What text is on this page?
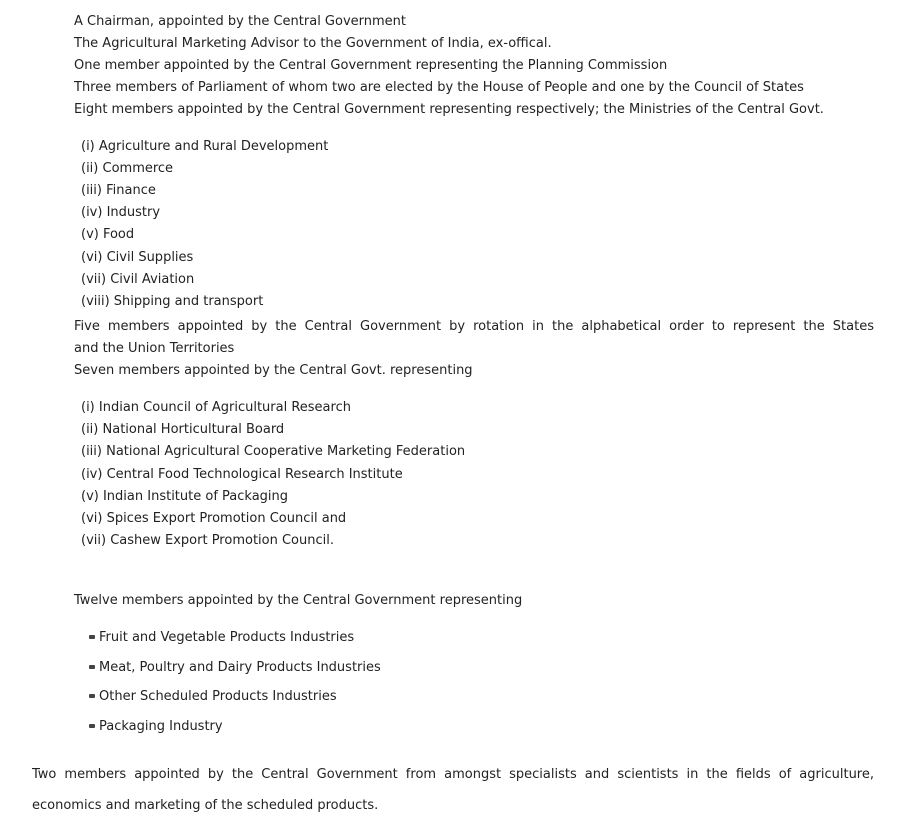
A Chairman, appointed by the Central Government
The Agricultural Marketing Advisor to the Government of India, ex-offical.
One member appointed by the Central Government representing the Planning Commission
Three members of Parliament of whom two are elected by the House of People and one by the Council of States
Eight members appointed by the Central Government representing respectively; the Ministries of the Central Govt.
(i) Agriculture and Rural Development
(ii) Commerce
(iii) Finance
(iv) Industry
(v) Food
(vi) Civil Supplies
(vii) Civil Aviation
(viii) Shipping and transport
Five members appointed by the Central Government by rotation in the alphabetical order to represent the States
and the Union Territories
Seven members appointed by the Central Govt. representing
(i) Indian Council of Agricultural Research
(ii) National Horticultural Board
(iii) National Agricultural Cooperative Marketing Federation
(iv) Central Food Technological Research Institute
(v) Indian Institute of Packaging
(vi) Spices Export Promotion Council and
(vii) Cashew Export Promotion Council.
Twelve members appointed by the Central Government representing
Fruit and Vegetable Products Industries
Meat, Poultry and Dairy Products Industries
Other Scheduled Products Industries
Packaging Industry
Two members appointed by the Central Government from amongst specialists and scientists in the fields of agriculture,
economics and marketing of the scheduled products.
